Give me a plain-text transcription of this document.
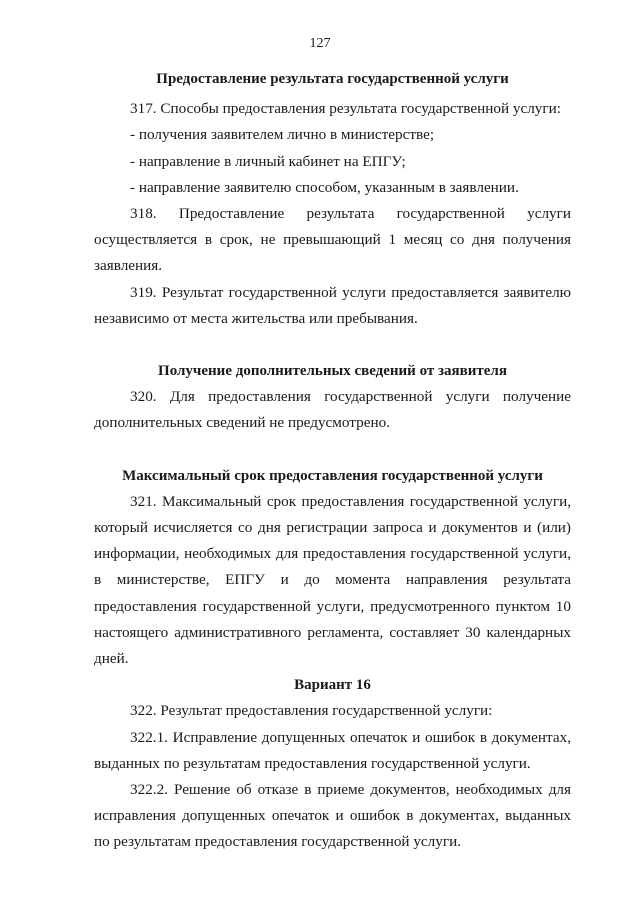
127

Предоставление результата государственной услуги

317. Способы предоставления результата государственной услуги:

- получения заявителем лично в министерстве;

- направление в личный кабинет на ЕПГУ;

- направление заявителю способом, указанным в заявлении.

318. Предоставление результата государственной услуги осуществляется в срок, не превышающий 1 месяц со дня получения заявления.

319. Результат государственной услуги предоставляется заявителю независимо от места жительства или пребывания.

Получение дополнительных сведений от заявителя

320. Для предоставления государственной услуги получение дополнительных сведений не предусмотрено.

Максимальный срок предоставления государственной услуги

321. Максимальный срок предоставления государственной услуги, который исчисляется со дня регистрации запроса и документов и (или) информации, необходимых для предоставления государственной услуги, в министерстве, ЕПГУ и до момента направления результата предоставления государственной услуги, предусмотренного пунктом 10 настоящего административного регламента, составляет 30 календарных дней.

Вариант 16

322. Результат предоставления государственной услуги:

322.1. Исправление допущенных опечаток и ошибок в документах, выданных по результатам предоставления государственной услуги.

322.2. Решение об отказе в приеме документов, необходимых для исправления допущенных опечаток и ошибок в документах, выданных по результатам предоставления государственной услуги.
